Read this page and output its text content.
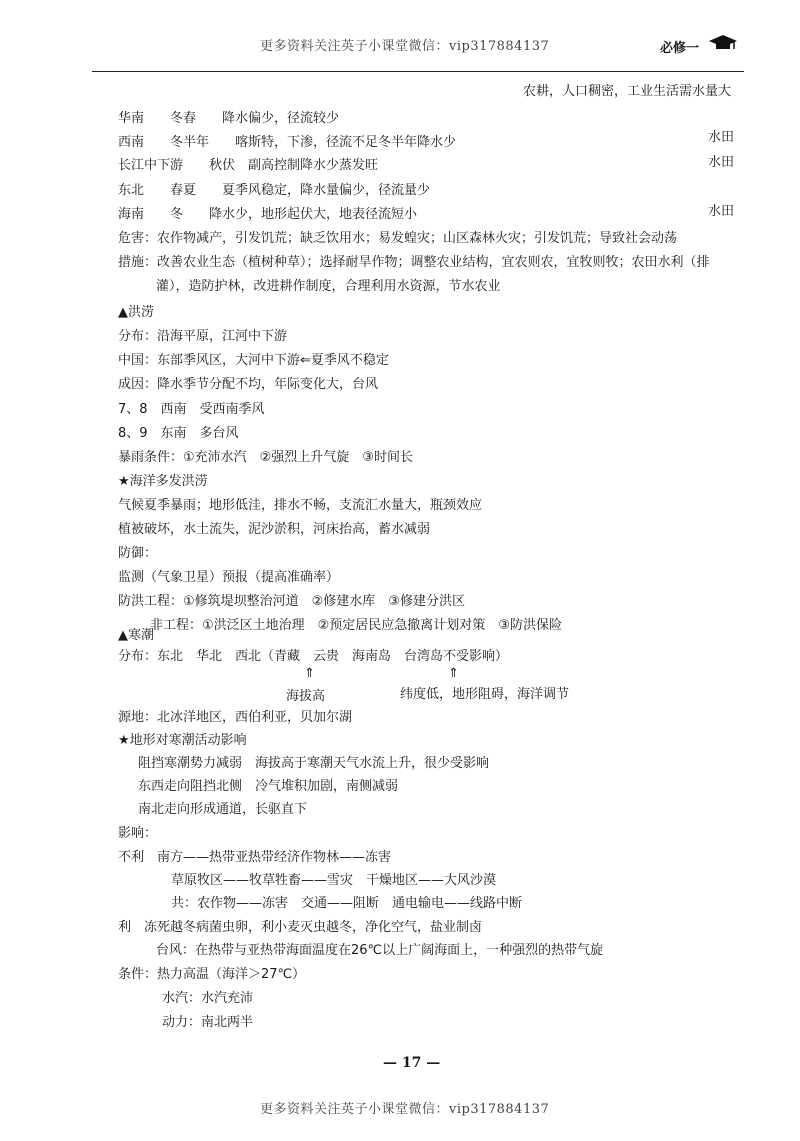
更多资料关注英子小课堂微信：vip317884137	必修一
农耕，人口稠密，工业生活需水量大
华南　　冬春　　降水偏少，径流较少
西南　　冬半年　　喀斯特，下渗，径流不足冬半年降水少	水田
长江中下游　　秋伏　副高控制降水少蒸发旺	水田
东北　　春夏　　夏季风稳定，降水量偏少，径流量少
海南　　冬　　降水少，地形起伏大，地表径流短小	水田
危害：农作物减产，引发饥荒；缺乏饮用水；易发蝗灾；山区森林火灾；引发饥荒；导致社会动荡
措施：改善农业生态（植树种草）；选择耐旱作物；调整农业结构，宜农则农，宜牧则牧；农田水利（排
灌），造防护林，改进耕作制度，合理利用水资源，节水农业
▲洪涝
分布：沿海平原，江河中下游
中国：东部季风区，大河中下游⇐夏季风不稳定
成因：降水季节分配不均，年际变化大，台风
7、8　西南　受西南季风
8、9　东南　多台风
暴雨条件：①充沛水汽　②强烈上升气旋　③时间长
★海洋多发洪涝
气候夏季暴雨；地形低洼，排水不畅，支流汇水量大，瓶颈效应
植被破坏，水土流失，泥沙淤积，河床抬高，蓄水减弱
防御：
监测（气象卫星）预报（提高准确率）
防洪工程：①修筑堤坝整治河道　②修建水库　③修建分洪区
非工程：①洪泛区土地治理　②预定居民应急撤离计划对策　③防洪保险
▲寒潮
分布：东北　华北　西北（青藏　云贵　海南岛　台湾岛不受影响）
⇑	⇑
海拔高	纬度低，地形阻碍，海洋调节
源地：北冰洋地区，西伯利亚，贝加尔湖
★地形对寒潮活动影响
阻挡寒潮势力减弱　海拔高于寒潮天气水流上升，很少受影响
东西走向阻挡北侧　冷气堆积加剧，南侧减弱
南北走向形成通道，长驱直下
影响：
不利　南方——热带亚热带经济作物林——冻害
草原牧区——牧草牲畜——雪灾　干燥地区——大风沙漠
共：农作物——冻害　交通——阻断　通电输电——线路中断
利　冻死越冬病菌虫卵，利小麦灭虫越冬，净化空气，盐业制卤
台风：在热带与亚热带海面温度在26℃以上广阔海面上，一种强烈的热带气旋
条件：热力高温（海洋＞27℃）
水汽：水汽充沛
动力：南北两半
— 17 —
更多资料关注英子小课堂微信：vip317884137
